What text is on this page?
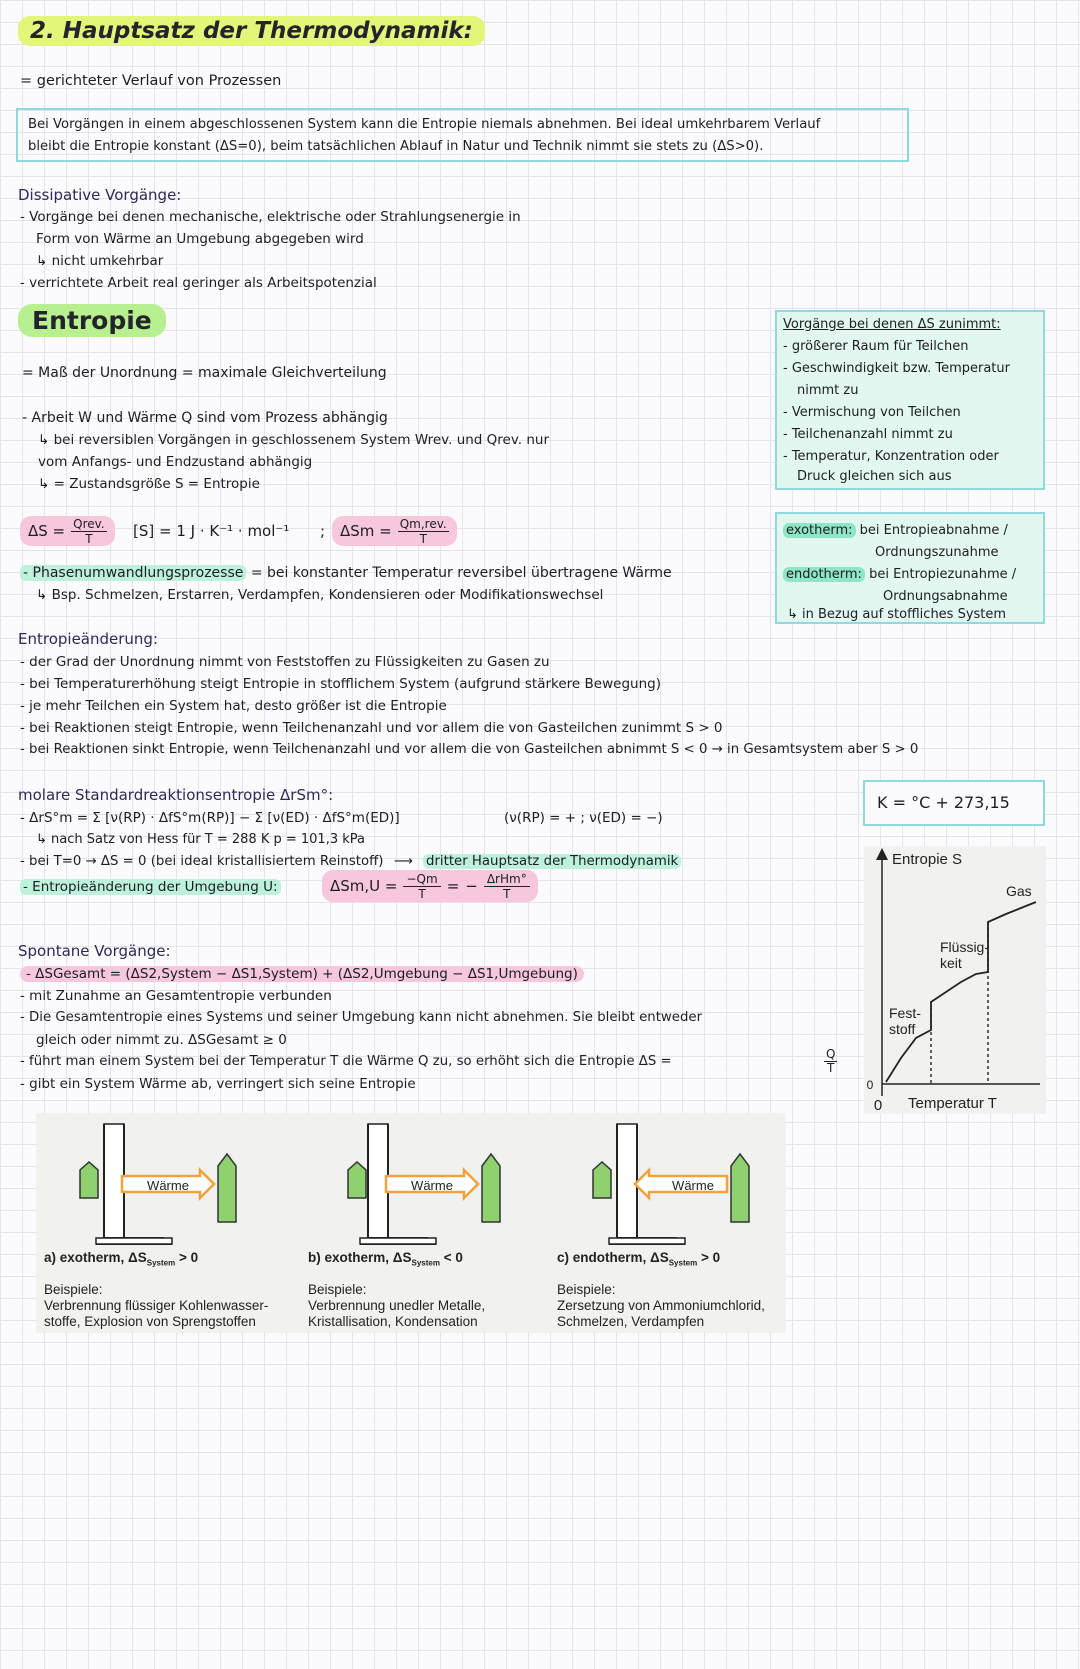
2. Hauptsatz der Thermodynamik:
= gerichteter Verlauf von Prozessen
Bei Vorgängen in einem abgeschlossenen System kann die Entropie niemals abnehmen. Bei ideal umkehrbarem Verlauf
bleibt die Entropie konstant (ΔS=0), beim tatsächlichen Ablauf in Natur und Technik nimmt sie stets zu (ΔS>0).
Dissipative Vorgänge:
- Vorgänge bei denen mechanische, elektrische oder Strahlungsenergie in
Form von Wärme an Umgebung abgegeben wird
↳ nicht umkehrbar
- verrichtete Arbeit real geringer als Arbeitspotenzial
Entropie
= Maß der Unordnung = maximale Gleichverteilung
- Arbeit W und Wärme Q sind vom Prozess abhängig
↳ bei reversiblen Vorgängen in geschlossenem System Wrev. und Qrev. nur
vom Anfangs- und Endzustand abhängig
↳ = Zustandsgröße S = Entropie
ΔS = Qrev.
T	[S] = 1 J · K⁻¹ · mol⁻¹ ; ΔSm = Qm,rev.
T
- Phasenumwandlungsprozesse = bei konstanter Temperatur reversibel übertragene Wärme
↳ Bsp. Schmelzen, Erstarren, Verdampfen, Kondensieren oder Modifikationswechsel
Vorgänge bei denen ΔS zunimmt:
- größerer Raum für Teilchen
- Geschwindigkeit bzw. Temperatur
nimmt zu
- Vermischung von Teilchen
- Teilchenanzahl nimmt zu
- Temperatur, Konzentration oder
Druck gleichen sich aus
exotherm: bei Entropieabnahme /
Ordnungszunahme
endotherm: bei Entropiezunahme /
Ordnungsabnahme
↳ in Bezug auf stoffliches System
Entropieänderung:
- der Grad der Unordnung nimmt von Feststoffen zu Flüssigkeiten zu Gasen zu
- bei Temperaturerhöhung steigt Entropie in stofflichem System (aufgrund stärkere Bewegung)
- je mehr Teilchen ein System hat, desto größer ist die Entropie
- bei Reaktionen steigt Entropie, wenn Teilchenanzahl und vor allem die von Gasteilchen zunimmt S > 0
- bei Reaktionen sinkt Entropie, wenn Teilchenanzahl und vor allem die von Gasteilchen abnimmt S < 0 → in Gesamtsystem aber S > 0
K = °C + 273,15
molare Standardreaktionsentropie ΔrSm°:
- ΔrS°m = Σ [ν(RP) · ΔfS°m(RP)] − Σ [ν(ED) · ΔfS°m(ED)]	(ν(RP) = + ; ν(ED) = −)
↳ nach Satz von Hess für T = 288 K p = 101,3 kPa
- bei T=0 → ΔS = 0 (bei ideal kristallisiertem Reinstoff) ⟶ dritter Hauptsatz der Thermodynamik
- Entropieänderung der Umgebung U:	$\Delta Sm,U = \frac{-Qm}{T}$ = − ΔrHm°
T
Spontane Vorgänge:
- ΔSGesamt = (ΔS2,System − ΔS1,System) + (ΔS2,Umgebung − ΔS1,Umgebung)
- mit Zunahme an Gesamtentropie verbunden
- Die Gesamtentropie eines Systems und seiner Umgebung kann nicht abnehmen. Sie bleibt entweder
gleich oder nimmt zu. ΔSGesamt ≥ 0
- führt man einem System bei der Temperatur T die Wärme Q zu, so erhöht sich die Entropie ΔS =	$\frac{Q}{T}$
- gibt ein System Wärme ab, verringert sich seine Entropie
Entropie S
Temperatur T
0
0
Fest-stoff
Flüssig-keit
Gas
Wärme
a) exotherm, $\Delta S_{System} > 0$
Beispiele:
Verbrennung flüssiger Kohlenwasser-
stoffe, Explosion von Sprengstoffen
Wärme
b) exotherm, $\Delta S_{System} < 0$
Beispiele:
Verbrennung unedler Metalle,
Kristallisation, Kondensation
Wärme
c) endotherm, $\Delta S_{System} > 0$
Beispiele:
Zersetzung von Ammoniumchlorid,
Schmelzen, Verdampfen
